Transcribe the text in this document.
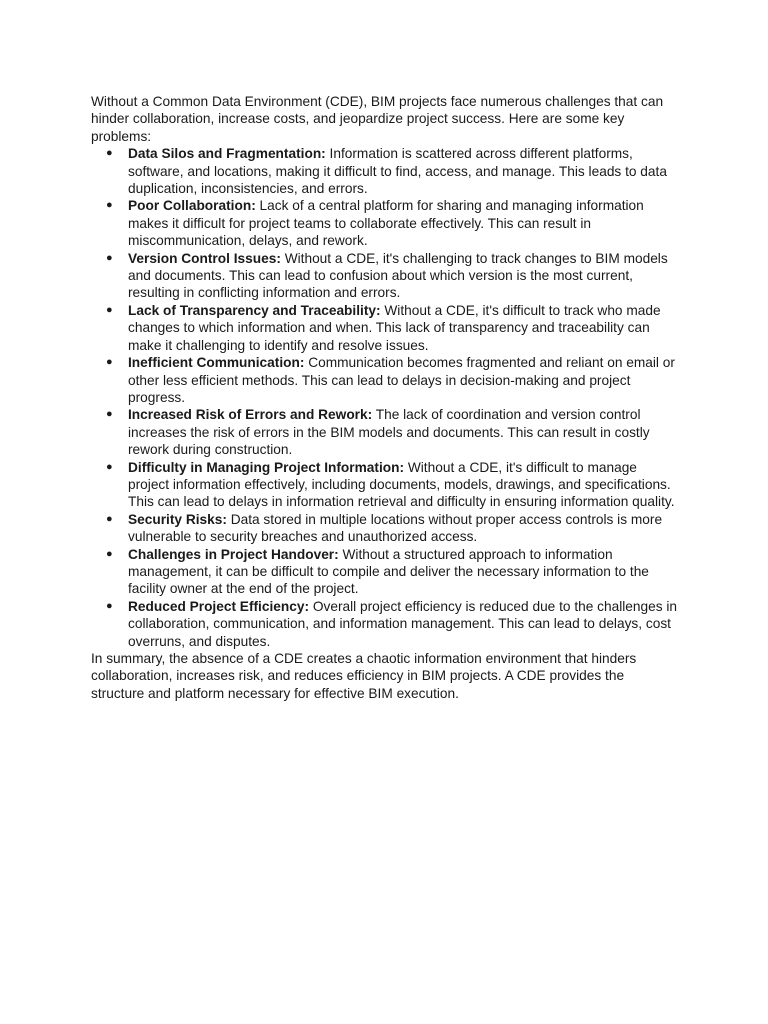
Without a Common Data Environment (CDE), BIM projects face numerous challenges that can hinder collaboration, increase costs, and jeopardize project success. Here are some key problems:

● Data Silos and Fragmentation: Information is scattered across different platforms, software, and locations, making it difficult to find, access, and manage. This leads to data duplication, inconsistencies, and errors.
● Poor Collaboration: Lack of a central platform for sharing and managing information makes it difficult for project teams to collaborate effectively. This can result in miscommunication, delays, and rework.
● Version Control Issues: Without a CDE, it's challenging to track changes to BIM models and documents. This can lead to confusion about which version is the most current, resulting in conflicting information and errors.
● Lack of Transparency and Traceability: Without a CDE, it's difficult to track who made changes to which information and when. This lack of transparency and traceability can make it challenging to identify and resolve issues.
● Inefficient Communication: Communication becomes fragmented and reliant on email or other less efficient methods. This can lead to delays in decision-making and project progress.
● Increased Risk of Errors and Rework: The lack of coordination and version control increases the risk of errors in the BIM models and documents. This can result in costly rework during construction.
● Difficulty in Managing Project Information: Without a CDE, it's difficult to manage project information effectively, including documents, models, drawings, and specifications. This can lead to delays in information retrieval and difficulty in ensuring information quality.
● Security Risks: Data stored in multiple locations without proper access controls is more vulnerable to security breaches and unauthorized access.
● Challenges in Project Handover: Without a structured approach to information management, it can be difficult to compile and deliver the necessary information to the facility owner at the end of the project.
● Reduced Project Efficiency: Overall project efficiency is reduced due to the challenges in collaboration, communication, and information management. This can lead to delays, cost overruns, and disputes.

In summary, the absence of a CDE creates a chaotic information environment that hinders collaboration, increases risk, and reduces efficiency in BIM projects. A CDE provides the structure and platform necessary for effective BIM execution.
